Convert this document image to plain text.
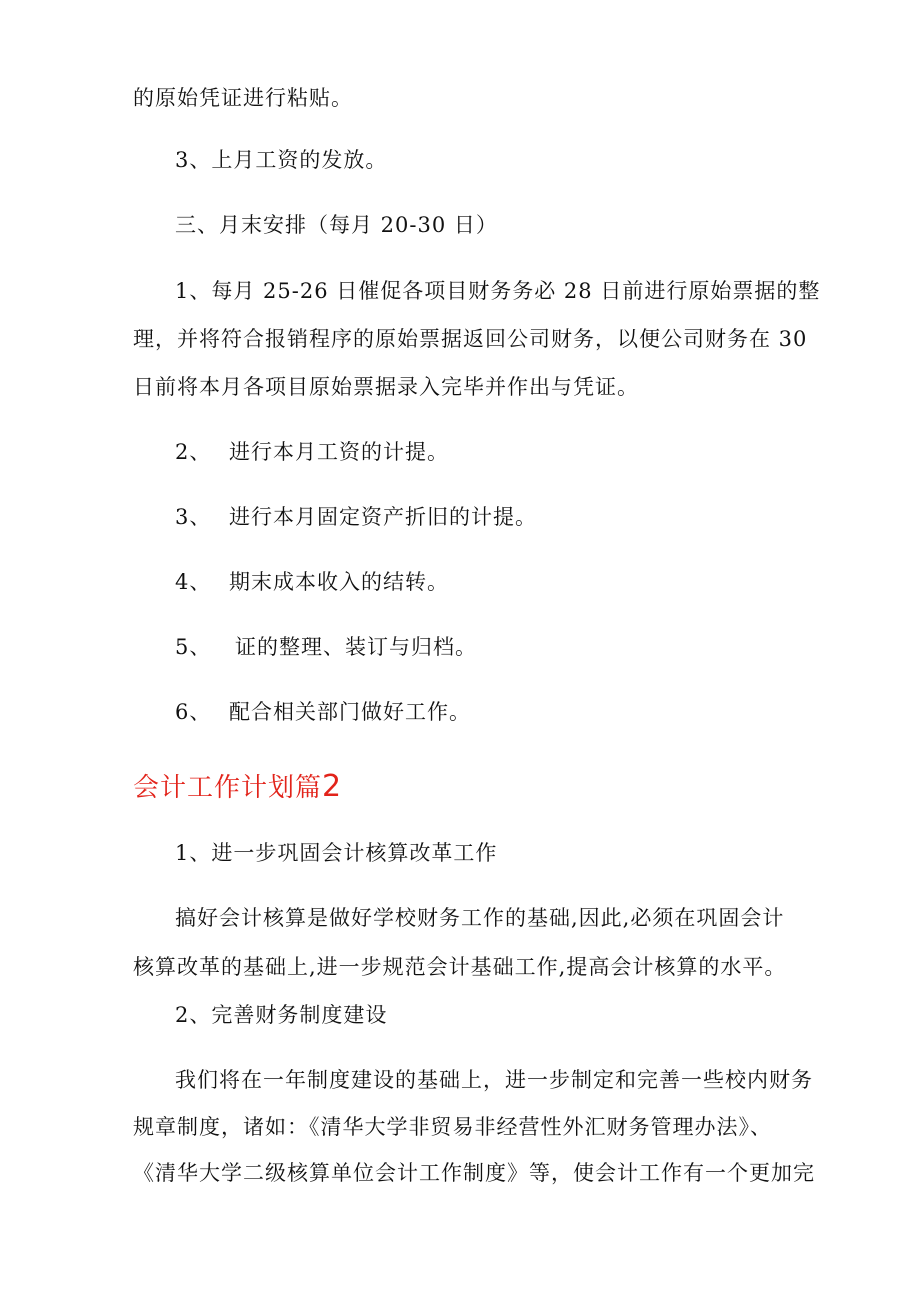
的原始凭证进行粘贴。
3、上月工资的发放。
三、月末安排（每月 20-30 日）
1、每月 25-26 日催促各项目财务务必 28 日前进行原始票据的整
理，并将符合报销程序的原始票据返回公司财务，以便公司财务在 30
日前将本月各项目原始票据录入完毕并作出与凭证。
2、 进行本月工资的计提。
3、 进行本月固定资产折旧的计提。
4、 期末成本收入的结转。
5、 证的整理、装订与归档。
6、 配合相关部门做好工作。
会计工作计划篇2
1、进一步巩固会计核算改革工作
搞好会计核算是做好学校财务工作的基础,因此,必须在巩固会计
核算改革的基础上,进一步规范会计基础工作,提高会计核算的水平。
2、完善财务制度建设
我们将在一年制度建设的基础上，进一步制定和完善一些校内财务
规章制度，诸如：《清华大学非贸易非经营性外汇财务管理办法》、
《清华大学二级核算单位会计工作制度》等，使会计工作有一个更加完
